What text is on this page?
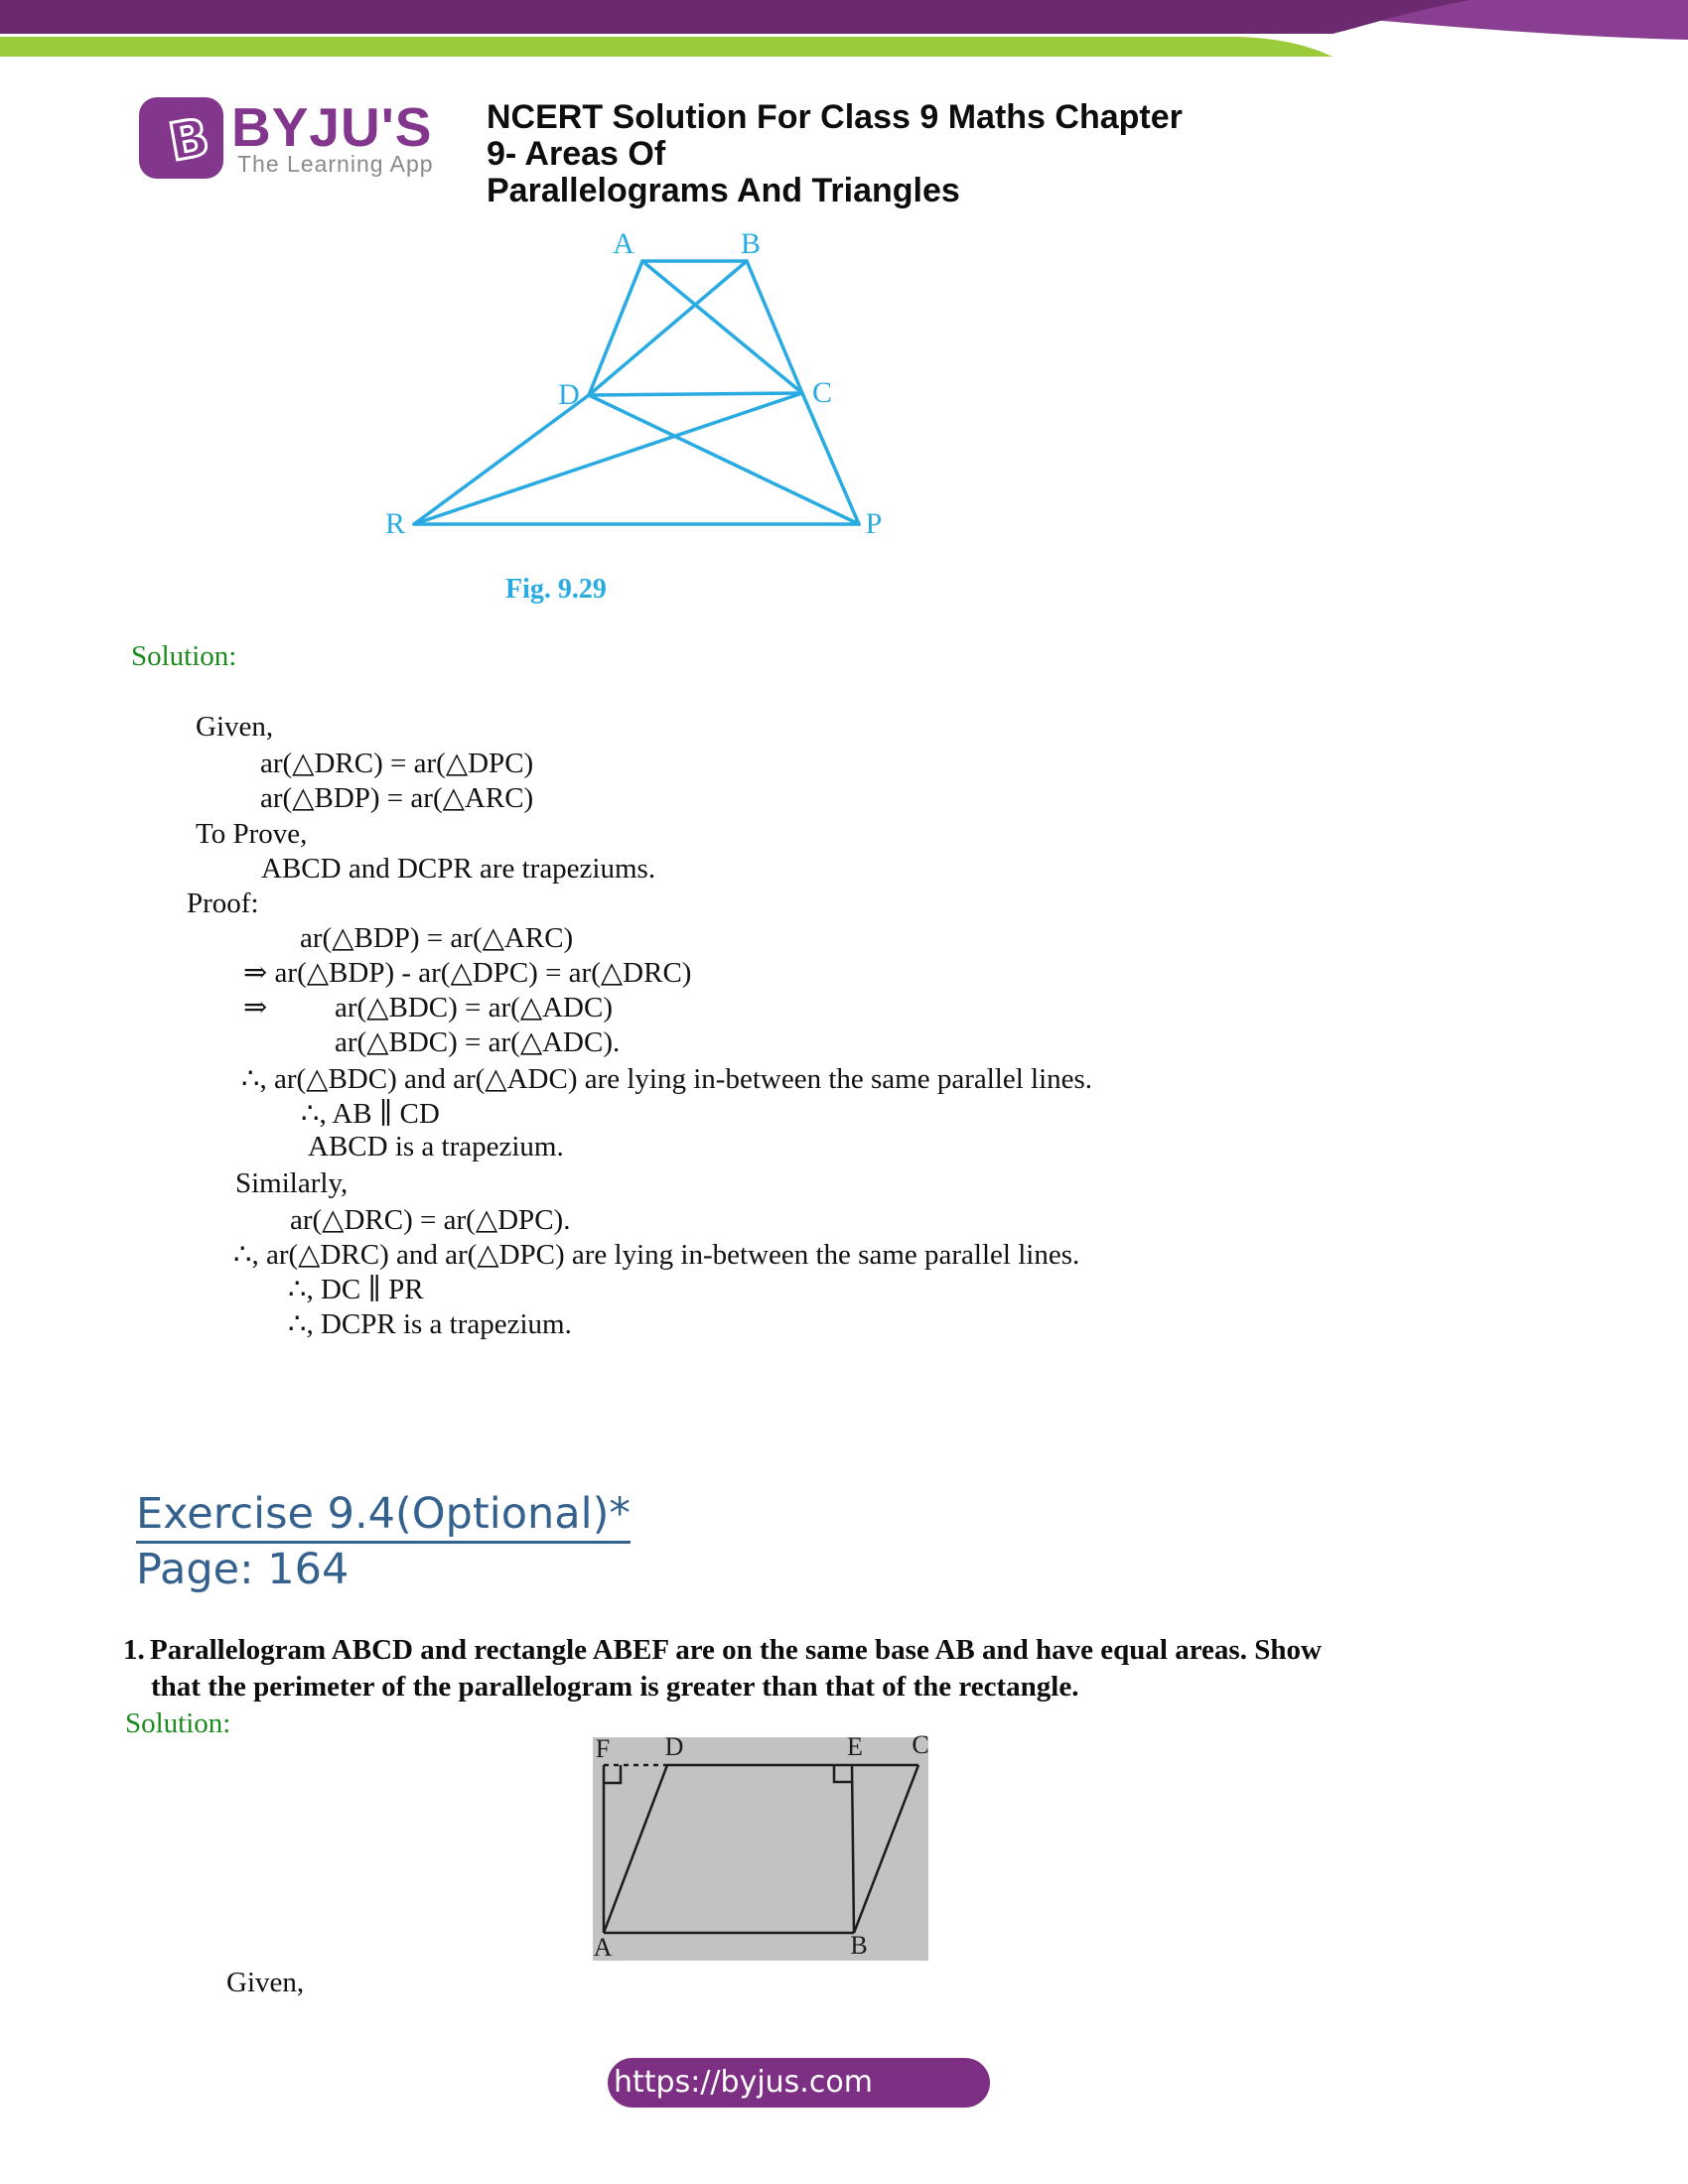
B BYJU'S
The Learning App
NCERT Solution For Class 9 Maths Chapter 9- Areas Of
Parallelograms And Triangles
A	B
D	C
R	P
Fig. 9.29
Solution:
Given,
ar(△DRC) = ar(△DPC)
ar(△BDP) = ar(△ARC)
To Prove,
ABCD and DCPR are trapeziums.
Proof:
ar(△BDP) = ar(△ARC)
⇒ ar(△BDP) - ar(△DPC) = ar(△DRC)
⇒ ar(△BDC) = ar(△ADC)
ar(△BDC) = ar(△ADC).
∴, ar(△BDC) and ar(△ADC) are lying in-between the same parallel lines.
∴, AB ∥ CD
ABCD is a trapezium.
Similarly,
ar(△DRC) = ar(△DPC).
∴, ar(△DRC) and ar(△DPC) are lying in-between the same parallel lines.
∴, DC ∥ PR
∴, DCPR is a trapezium.
Exercise 9.4(Optional)*
Page: 164
1. Parallelogram ABCD and rectangle ABEF are on the same base AB and have equal areas. Show
that the perimeter of the parallelogram is greater than that of the rectangle.
Solution:
F D	E C
A	B
Given,
https://byjus.com
